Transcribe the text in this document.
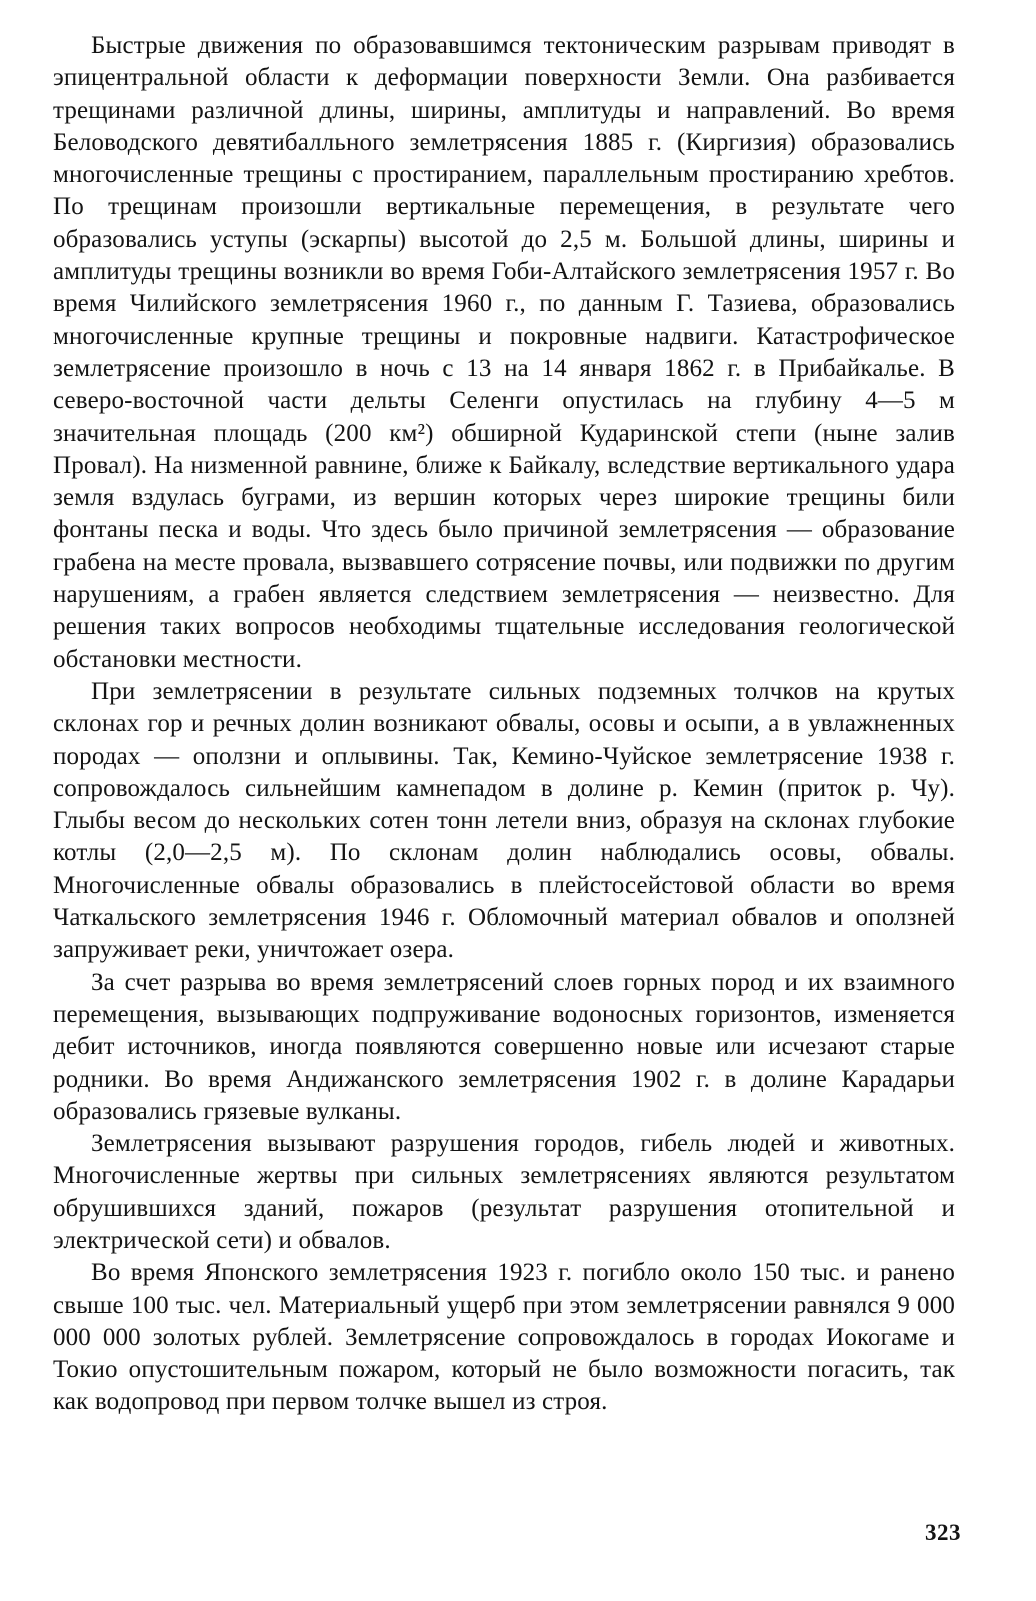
Быстрые движения по образовавшимся тектоническим разрывам приводят в эпицентральной области к деформации поверхности Земли. Она разбивается трещинами различной длины, ширины, амплитуды и направлений. Во время Беловодского девятибалльного землетрясения 1885 г. (Киргизия) образовались многочисленные трещины с простиранием, параллельным простиранию хребтов. По трещинам произошли вертикальные перемещения, в результате чего образовались уступы (эскарпы) высотой до 2,5 м. Большой длины, ширины и амплитуды трещины возникли во время Гоби-Алтайского землетрясения 1957 г. Во время Чилийского землетрясения 1960 г., по данным Г. Тазиева, образовались многочисленные крупные трещины и покровные надвиги. Катастрофическое землетрясение произошло в ночь с 13 на 14 января 1862 г. в Прибайкалье. В северо-восточной части дельты Селенги опустилась на глубину 4—5 м значительная площадь (200 км²) обширной Кударинской степи (ныне залив Провал). На низменной равнине, ближе к Байкалу, вследствие вертикального удара земля вздулась буграми, из вершин которых через широкие трещины били фонтаны песка и воды. Что здесь было причиной землетрясения — образование грабена на месте провала, вызвавшего сотрясение почвы, или подвижки по другим нарушениям, а грабен является следствием землетрясения — неизвестно. Для решения таких вопросов необходимы тщательные исследования геологической обстановки местности.

При землетрясении в результате сильных подземных толчков на крутых склонах гор и речных долин возникают обвалы, осовы и осыпи, а в увлажненных породах — оползни и оплывины. Так, Кемино-Чуйское землетрясение 1938 г. сопровождалось сильнейшим камнепадом в долине р. Кемин (приток р. Чу). Глыбы весом до нескольких сотен тонн летели вниз, образуя на склонах глубокие котлы (2,0—2,5 м). По склонам долин наблюдались осовы, обвалы. Многочисленные обвалы образовались в плейстосейстовой области во время Чаткальского землетрясения 1946 г. Обломочный материал обвалов и оползней запруживает реки, уничтожает озера.

За счет разрыва во время землетрясений слоев горных пород и их взаимного перемещения, вызывающих подпруживание водоносных горизонтов, изменяется дебит источников, иногда появляются совершенно новые или исчезают старые родники. Во время Андижанского землетрясения 1902 г. в долине Карадарьи образовались грязевые вулканы.

Землетрясения вызывают разрушения городов, гибель людей и животных. Многочисленные жертвы при сильных землетрясениях являются результатом обрушившихся зданий, пожаров (результат разрушения отопительной и электрической сети) и обвалов.

Во время Японского землетрясения 1923 г. погибло около 150 тыс. и ранено свыше 100 тыс. чел. Материальный ущерб при этом землетрясении равнялся 9 000 000 000 золотых рублей. Землетрясение сопровождалось в городах Иокогаме и Токио опустошительным пожаром, который не было возможности погасить, так как водопровод при первом толчке вышел из строя.

323
